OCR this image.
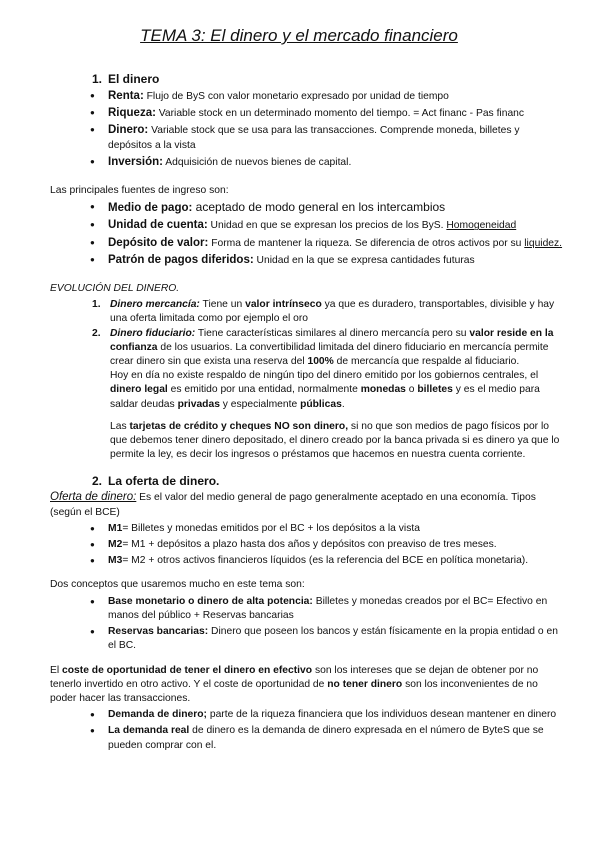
TEMA 3: El dinero y el mercado financiero
1. El dinero
● Renta: Flujo de ByS con valor monetario expresado por unidad de tiempo
● Riqueza: Variable stock en un determinado momento del tiempo. = Act financ - Pas financ
● Dinero: Variable stock que se usa para las transacciones. Comprende moneda, billetes y depósitos a la vista
● Inversión: Adquisición de nuevos bienes de capital.
Las principales fuentes de ingreso son:
● Medio de pago: aceptado de modo general en los intercambios
● Unidad de cuenta: Unidad en que se expresan los precios de los ByS. Homogeneidad
● Depósito de valor: Forma de mantener la riqueza. Se diferencia de otros activos por su liquidez.
● Patrón de pagos diferidos: Unidad en la que se expresa cantidades futuras
EVOLUCIÓN DEL DINERO.
1. Dinero mercancía: Tiene un valor intrínseco ya que es duradero, transportables, divisible y hay una oferta limitada como por ejemplo el oro
2. Dinero fiduciario: Tiene características similares al dinero mercancía pero su valor reside en la confianza de los usuarios. La convertibilidad limitada del dinero fiduciario en mercancía permite crear dinero sin que exista una reserva del 100% de mercancía que respalde al fiduciario.
Hoy en día no existe respaldo de ningún tipo del dinero emitido por los gobiernos centrales, el dinero legal es emitido por una entidad, normalmente monedas o billetes y es el medio para saldar deudas privadas y especialmente públicas.
Las tarjetas de crédito y cheques NO son dinero, si no que son medios de pago físicos por lo que debemos tener dinero depositado, el dinero creado por la banca privada si es dinero ya que lo permite la ley, es decir los ingresos o préstamos que hacemos en nuestra cuenta corriente.
2. La oferta de dinero.
Oferta de dinero: Es el valor del medio general de pago generalmente aceptado en una economía. Tipos (según el BCE)
● M1= Billetes y monedas emitidos por el BC + los depósitos a la vista
● M2= M1 + depósitos a plazo hasta dos años y depósitos con preaviso de tres meses.
● M3= M2 + otros activos financieros líquidos (es la referencia del BCE en política monetaria).
Dos conceptos que usaremos mucho en este tema son:
● Base monetario o dinero de alta potencia: Billetes y monedas creados por el BC= Efectivo en manos del público + Reservas bancarias
● Reservas bancarias: Dinero que poseen los bancos y están físicamente en la propia entidad o en el BC.
El coste de oportunidad de tener el dinero en efectivo son los intereses que se dejan de obtener por no tenerlo invertido en otro activo. Y el coste de oportunidad de no tener dinero son los inconvenientes de no poder hacer las transacciones.
● Demanda de dinero; parte de la riqueza financiera que los individuos desean mantener en dinero
● La demanda real de dinero es la demanda de dinero expresada en el número de ByteS que se pueden comprar con el.
